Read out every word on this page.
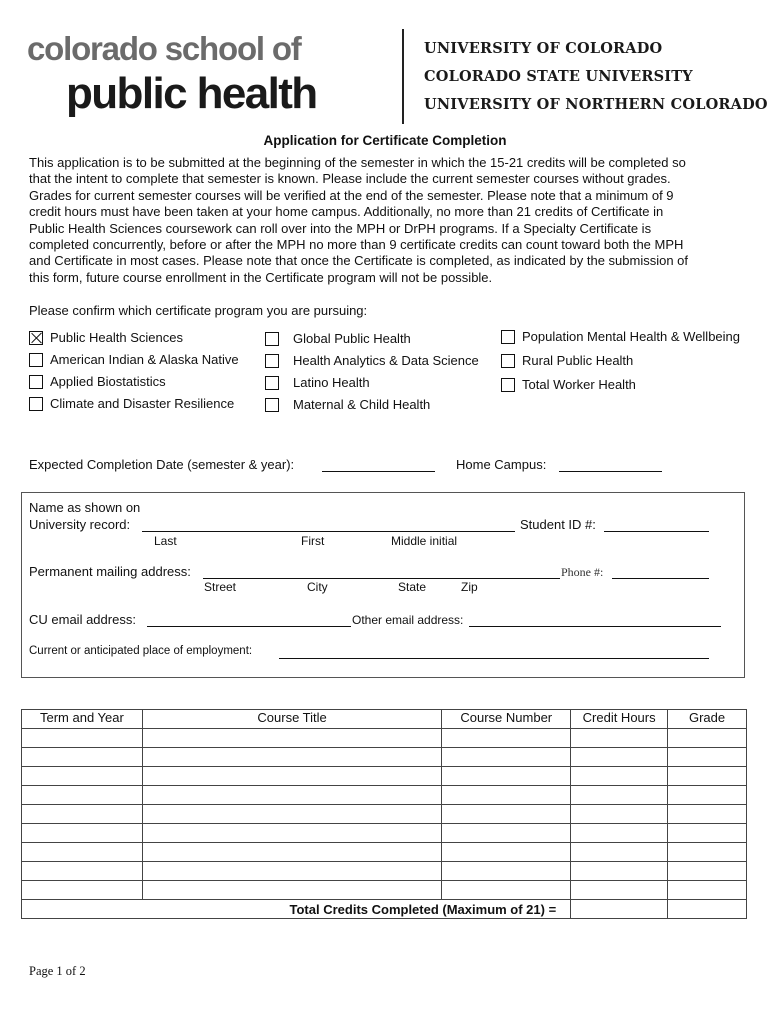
colorado school of
public health
UNIVERSITY OF COLORADO
COLORADO STATE UNIVERSITY
UNIVERSITY OF NORTHERN COLORADO
Application for Certificate Completion

This application is to be submitted at the beginning of the semester in which the 15-21 credits will be completed so

that the intent to complete that semester is known. Please include the current semester courses without grades.

Grades for current semester courses will be verified at the end of the semester. Please note that a minimum of 9

credit hours must have been taken at your home campus. Additionally, no more than 21 credits of Certificate in

Public Health Sciences coursework can roll over into the MPH or DrPH programs. If a Specialty Certificate is

completed concurrently, before or after the MPH no more than 9 certificate credits can count toward both the MPH

and Certificate in most cases. Please note that once the Certificate is completed, as indicated by the submission of

this form, future course enrollment in the Certificate program will not be possible.

Please confirm which certificate program you are pursuing:
Public Health Sciences
American Indian & Alaska Native
Applied Biostatistics
Climate and Disaster Resilience
Global Public Health
Health Analytics & Data Science
Latino Health
Maternal & Child Health
Population Mental Health & Wellbeing
Rural Public Health
Total Worker Health
Expected Completion Date (semester & year):	Home Campus:
Name as shown on
University record:	Student ID #:
Last	First	Middle initial
Permanent mailing address:	Phone #:
Street	City	State	Zip
CU email address:	Other email address:
Current or anticipated place of employment:
Term and Year	Course Title	Course Number	Credit Hours	Grade

Total Credits Completed (Maximum of 21) =				
Page 1 of 2
